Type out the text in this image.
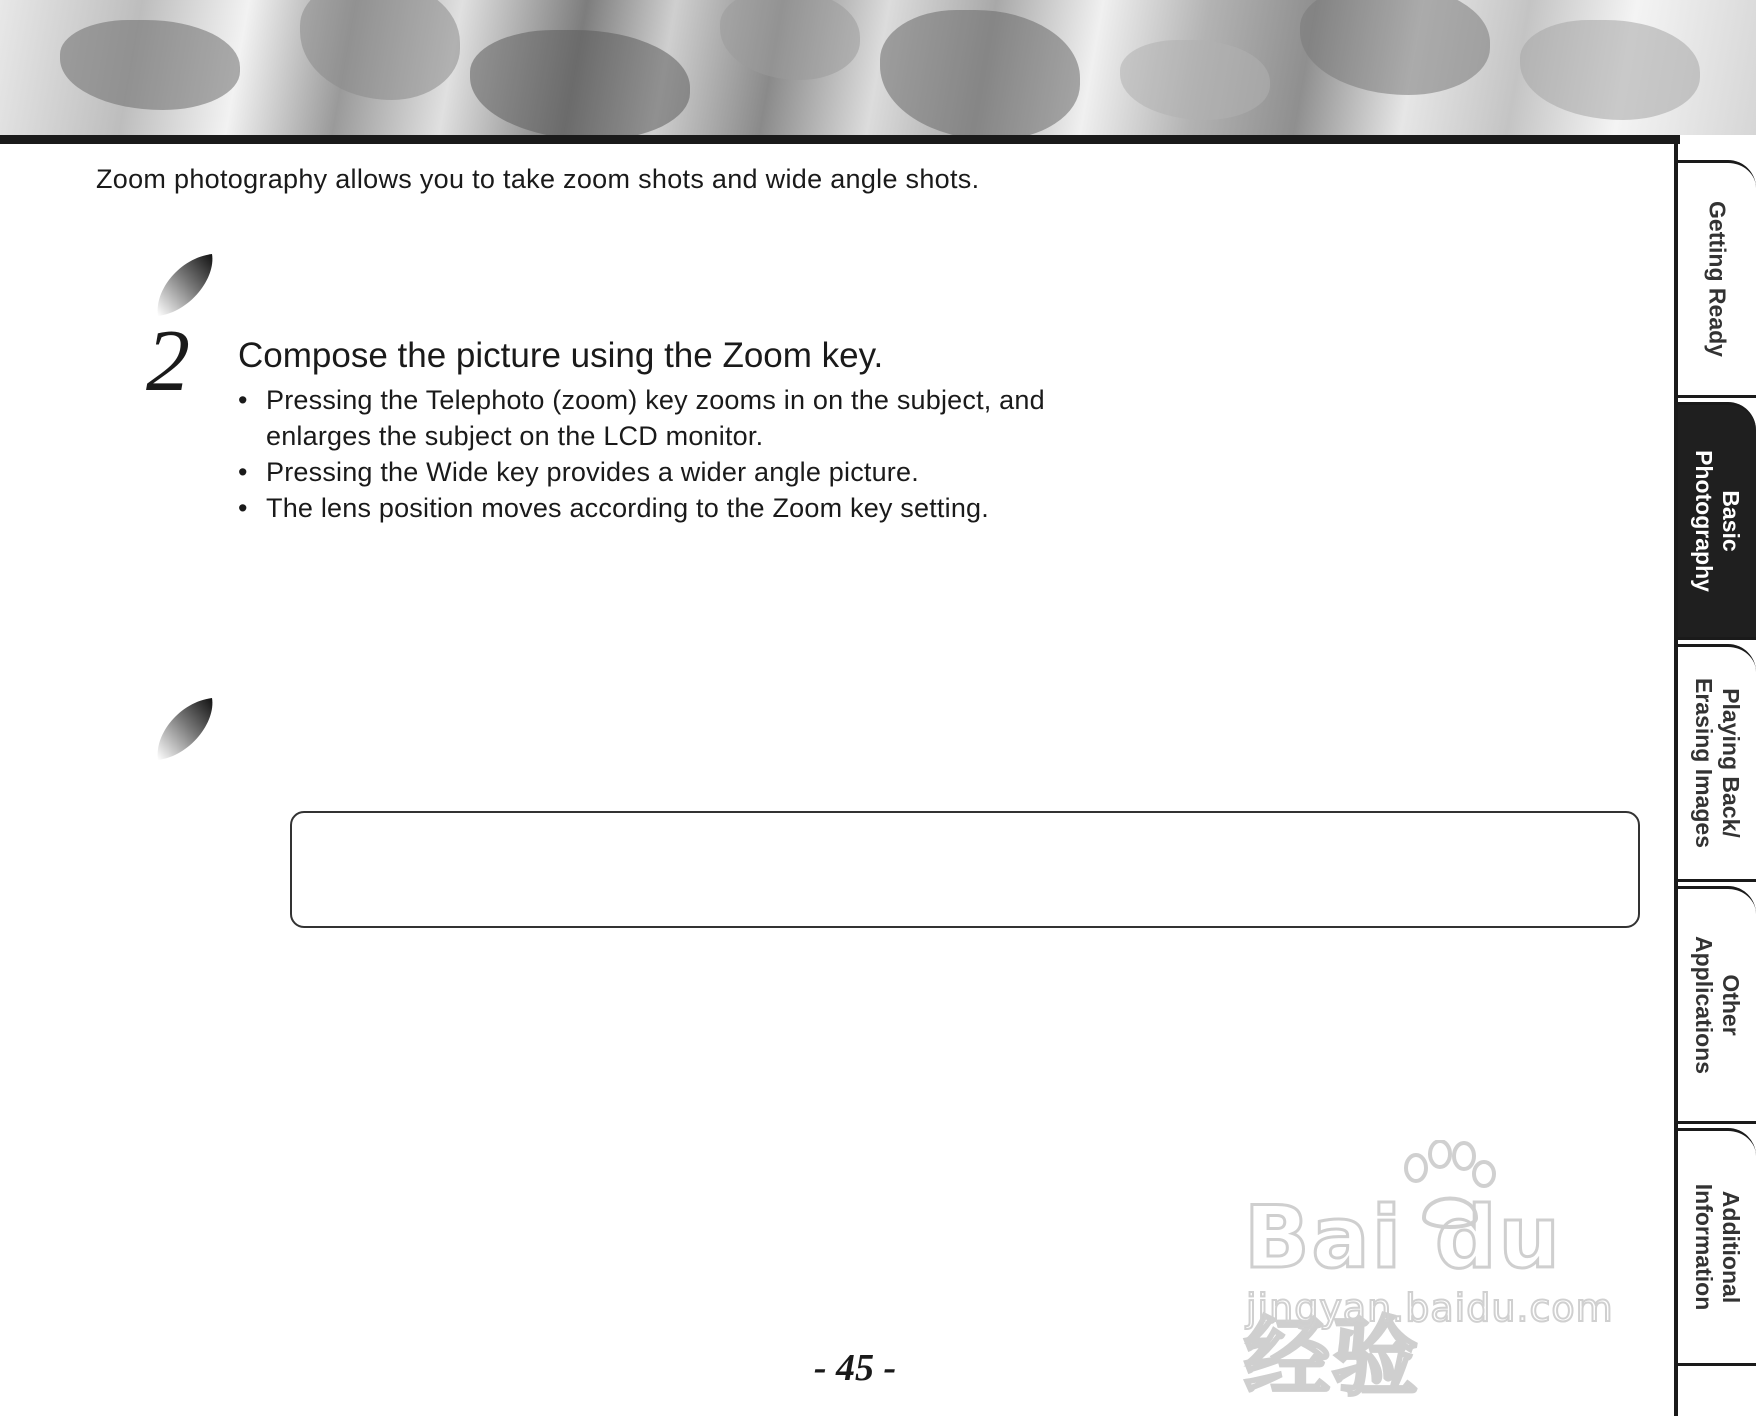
Zoom photography allows you to take zoom shots and wide angle shots.

2 Compose the picture using the Zoom key.
• Pressing the Telephoto (zoom) key zooms in on the subject, and enlarges the subject on the LCD monitor.
• Pressing the Wide key provides a wider angle picture.
• The lens position moves according to the Zoom key setting.
Getting Ready
Basic
Photography
Playing Back/
Erasing Images
Other
Applications
Additional
Information
Bai du 经验
jingyan.baidu.com
- 45 -
